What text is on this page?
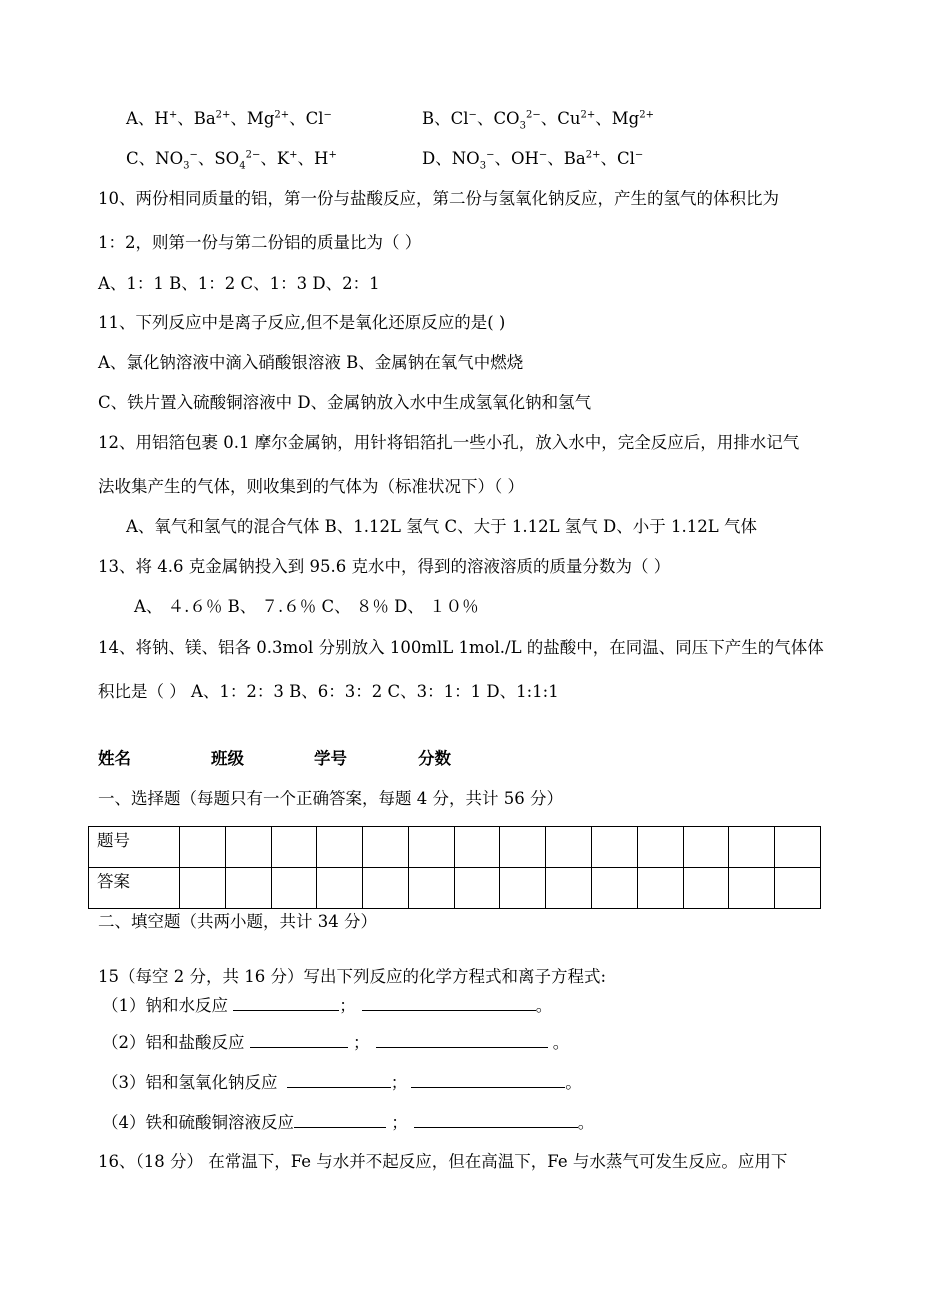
A、H+、$Ba^{2+}$、$Mg^{2+}$、Cl−	B、Cl−、$CO_3^{2-}$、$Cu^{2+}$、$Mg^{2+}$
C、$NO_3^-$、$SO_4^{2-}$、K+、H+	D、$NO_3^-$、OH−、$Ba^{2+}$、Cl−
10、两份相同质量的铝，第一份与盐酸反应，第二份与氢氧化钠反应，产生的氢气的体积比为
1：2，则第一份与第二份铝的质量比为（ ）
A、1：1 B、1：2 C、1：3 D、2：1
11、下列反应中是离子反应,但不是氧化还原反应的是( )
A、氯化钠溶液中滴入硝酸银溶液 B、金属钠在氧气中燃烧
C、铁片置入硫酸铜溶液中 D、金属钠放入水中生成氢氧化钠和氢气
12、用铝箔包裹 0.1 摩尔金属钠，用针将铝箔扎一些小孔，放入水中，完全反应后，用排水记气
法收集产生的气体，则收集到的气体为（标准状况下）（ ）
A、氧气和氢气的混合气体 B、1.12L 氢气 C、大于 1.12L 氢气 D、小于 1.12L 气体
13、将 4.6 克金属钠投入到 95.6 克水中，得到的溶液溶质的质量分数为（ ）
A、 ４.６％ B、 ７.６％ C、 ８％ D、 １０％
14、将钠、镁、铝各 0.3mol 分别放入 100mlL 1mol./L 的盐酸中，在同温、同压下产生的气体体
积比是（ ） A、1：2：3 B、6：3：2 C、3：1：1 D、1:1:1
姓名	班级	学号	分数
一、选择题（每题只有一个正确答案，每题 4 分，共计 56 分）
题号														
答案														
二、填空题（共两小题，共计 34 分）
15（每空 2 分，共 16 分）写出下列反应的化学方程式和离子方程式:
（1）钠和水反应	；	。
（2）铝和盐酸反应	；	。
（3）铝和氢氧化钠反应	；	。
（4）铁和硫酸铜溶液反应	；	。
16、（18 分） 在常温下，Fe 与水并不起反应，但在高温下，Fe 与水蒸气可发生反应。应用下
